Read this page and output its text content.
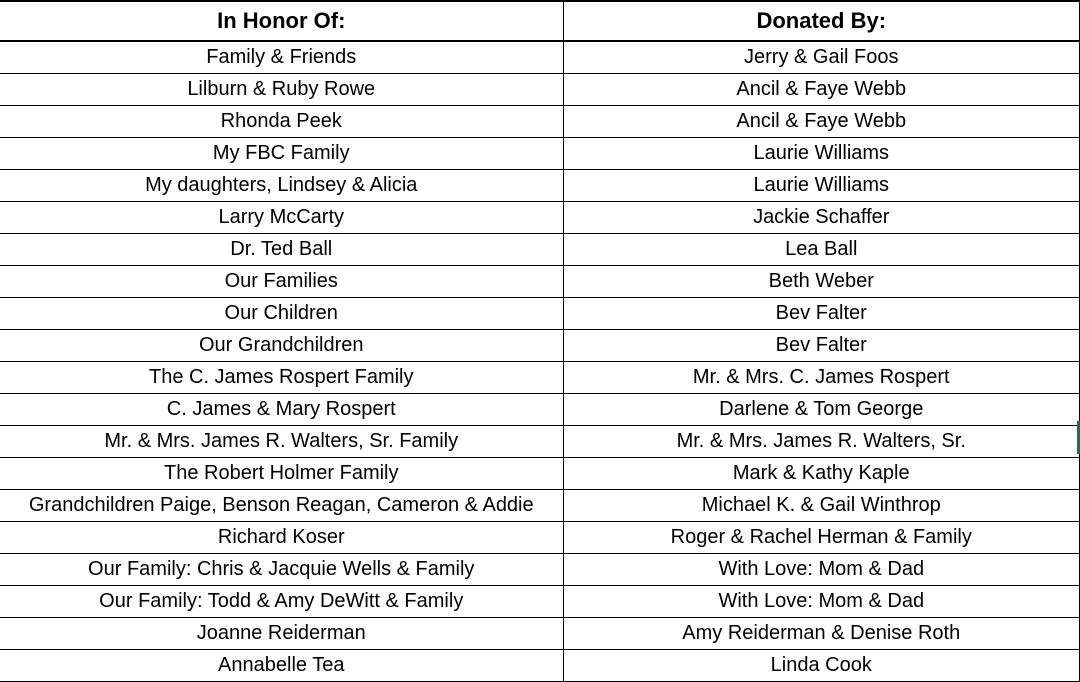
In Honor Of:	Donated By:
Family & Friends	Jerry & Gail Foos
Lilburn & Ruby Rowe	Ancil & Faye Webb
Rhonda Peek	Ancil & Faye Webb
My FBC Family	Laurie Williams
My daughters, Lindsey & Alicia	Laurie Williams
Larry McCarty	Jackie Schaffer
Dr. Ted Ball	Lea Ball
Our Families	Beth Weber
Our Children	Bev Falter
Our Grandchildren	Bev Falter
The C. James Rospert Family	Mr. & Mrs. C. James Rospert
C. James & Mary Rospert	Darlene & Tom George
Mr. & Mrs. James R. Walters, Sr. Family	Mr. & Mrs. James R. Walters, Sr.
The Robert Holmer Family	Mark & Kathy Kaple
Grandchildren Paige, Benson Reagan, Cameron & Addie	Michael K. & Gail Winthrop
Richard Koser	Roger & Rachel Herman & Family
Our Family: Chris & Jacquie Wells & Family	With Love: Mom & Dad
Our Family: Todd & Amy DeWitt & Family	With Love: Mom & Dad
Joanne Reiderman	Amy Reiderman & Denise Roth
Annabelle Tea	Linda Cook
